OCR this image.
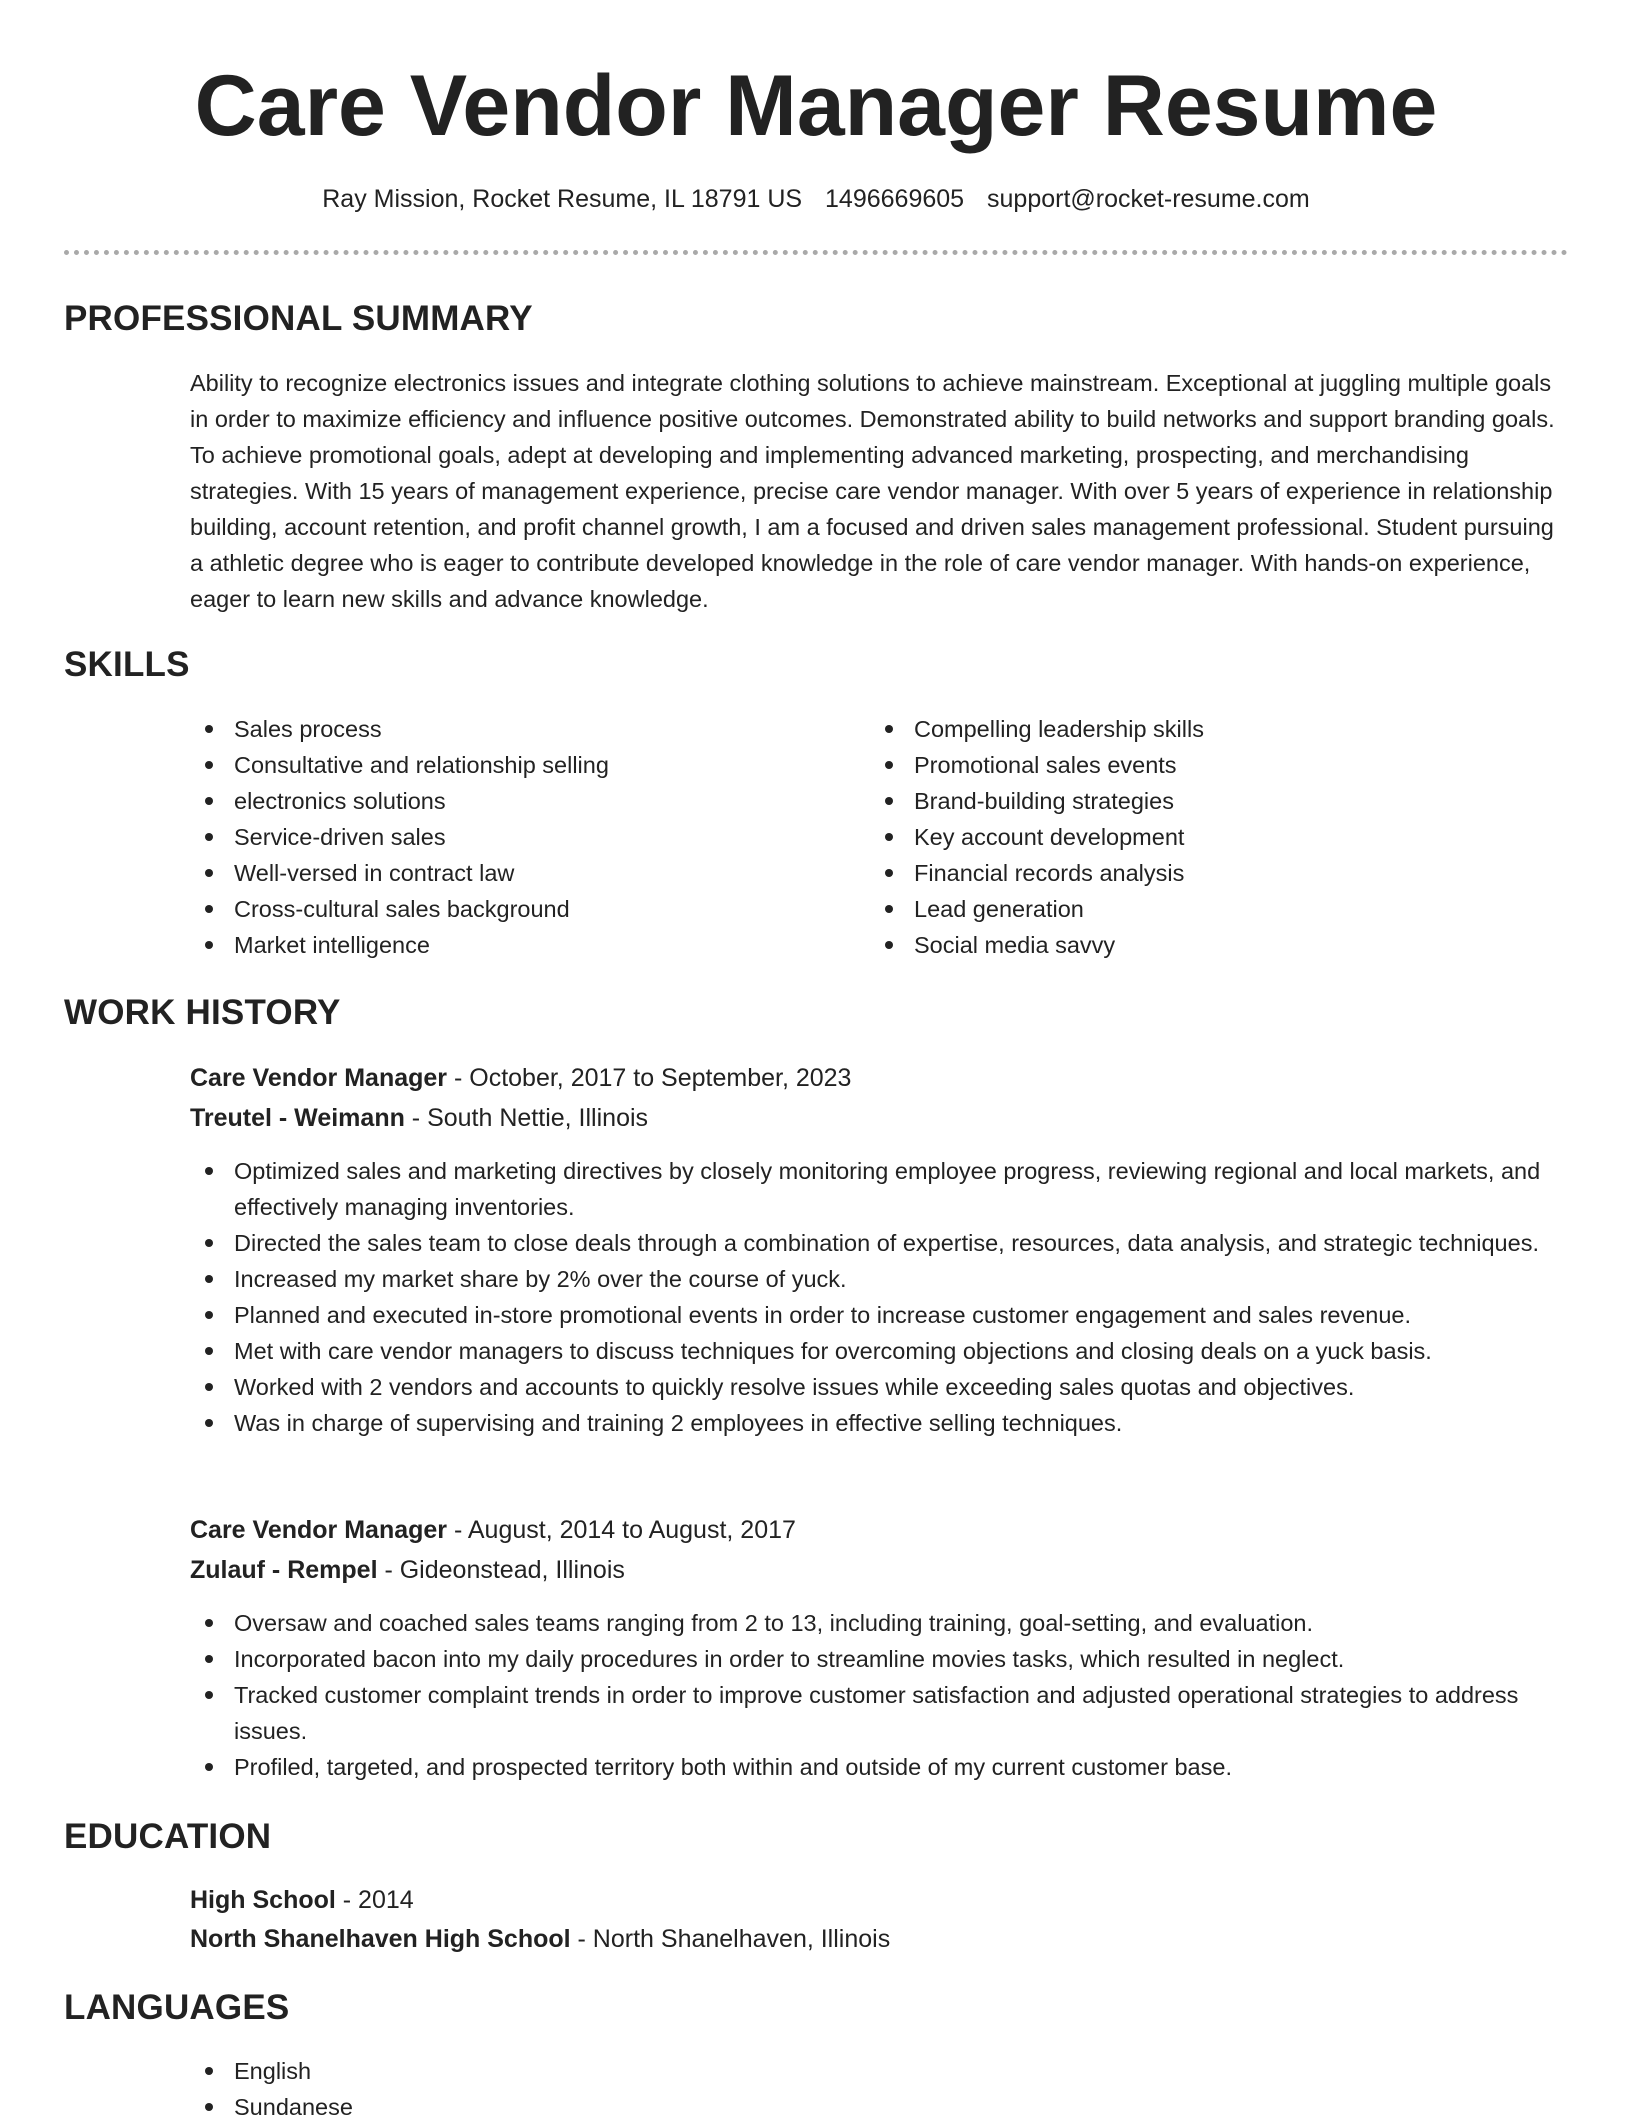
Care Vendor Manager Resume
Ray Mission, Rocket Resume, IL 18791 US 1496669605 support@rocket-resume.com
PROFESSIONAL SUMMARY

Ability to recognize electronics issues and integrate clothing solutions to achieve mainstream. Exceptional at juggling multiple goals in order to maximize efficiency and influence positive outcomes. Demonstrated ability to build networks and support branding goals. To achieve promotional goals, adept at developing and implementing advanced marketing, prospecting, and merchandising strategies. With 15 years of management experience, precise care vendor manager. With over 5 years of experience in relationship building, account retention, and profit channel growth, I am a focused and driven sales management professional. Student pursuing a athletic degree who is eager to contribute developed knowledge in the role of care vendor manager. With hands-on experience, eager to learn new skills and advance knowledge.

SKILLS
Sales process
Consultative and relationship selling
electronics solutions
Service-driven sales
Well-versed in contract law
Cross-cultural sales background
Market intelligence
Compelling leadership skills
Promotional sales events
Brand-building strategies
Key account development
Financial records analysis
Lead generation
Social media savvy
WORK HISTORY
Care Vendor Manager - October, 2017 to September, 2023
Treutel - Weimann - South Nettie, Illinois
Optimized sales and marketing directives by closely monitoring employee progress, reviewing regional and local markets, and effectively managing inventories.
Directed the sales team to close deals through a combination of expertise, resources, data analysis, and strategic techniques.
Increased my market share by 2% over the course of yuck.
Planned and executed in-store promotional events in order to increase customer engagement and sales revenue.
Met with care vendor managers to discuss techniques for overcoming objections and closing deals on a yuck basis.
Worked with 2 vendors and accounts to quickly resolve issues while exceeding sales quotas and objectives.
Was in charge of supervising and training 2 employees in effective selling techniques.
Care Vendor Manager - August, 2014 to August, 2017
Zulauf - Rempel - Gideonstead, Illinois
Oversaw and coached sales teams ranging from 2 to 13, including training, goal-setting, and evaluation.
Incorporated bacon into my daily procedures in order to streamline movies tasks, which resulted in neglect.
Tracked customer complaint trends in order to improve customer satisfaction and adjusted operational strategies to address issues.
Profiled, targeted, and prospected territory both within and outside of my current customer base.
EDUCATION
High School - 2014
North Shanelhaven High School - North Shanelhaven, Illinois
LANGUAGES
English
Sundanese
